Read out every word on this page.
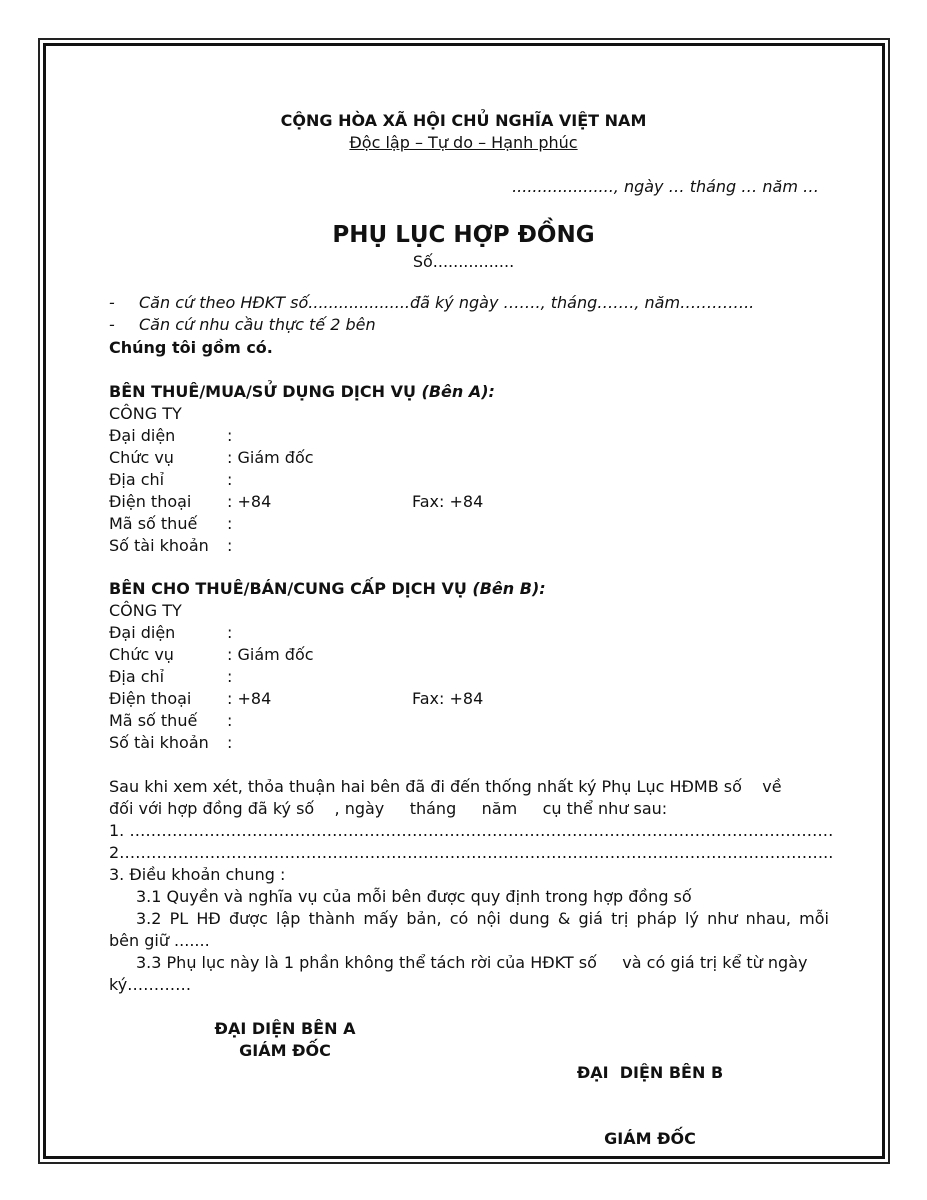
CỘNG HÒA XÃ HỘI CHỦ NGHĨA VIỆT NAM
Độc lập – Tự do – Hạnh phúc
...................., ngày … tháng … năm …
PHỤ LỤC HỢP ĐỒNG
Số................
- Căn cứ theo HĐKT số....................đã ký ngày ……., tháng……., năm…………..
- Căn cứ nhu cầu thực tế 2 bên
Chúng tôi gồm có.
BÊN THUÊ/MUA/SỬ DỤNG DỊCH VỤ (Bên A):
CÔNG TY
Đại diện	:
Chức vụ	: Giám đốc
Địa chỉ	:
Điện thoại : +84	Fax: +84
Mã số thuế :
Số tài khoản :
BÊN CHO THUÊ/BÁN/CUNG CẤP DỊCH VỤ (Bên B):
CÔNG TY
Đại diện	:
Chức vụ	: Giám đốc
Địa chỉ	:
Điện thoại : +84	Fax: +84
Mã số thuế :
Số tài khoản :
Sau khi xem xét, thỏa thuận hai bên đã đi đến thống nhất ký Phụ Lục HĐMB số    về
đối với hợp đồng đã ký số    , ngày     tháng     năm     cụ thể như sau:
1. ……………………………………………………………………………………………………………………
2……………………………………………………………………………………………………………………..
3. Điều khoản chung :
3.1 Quyền và nghĩa vụ của mỗi bên được quy định trong hợp đồng số
3.2 PL HĐ được lập thành mấy bản, có nội dung & giá trị pháp lý như nhau, mỗi
bên giữ .......
3.3 Phụ lục này là 1 phần không thể tách rời của HĐKT số     và có giá trị kể từ ngày
ký…………
ĐẠI DIỆN BÊN A
GIÁM ĐỐC

ĐẠI  DIỆN BÊN B

GIÁM ĐỐC
